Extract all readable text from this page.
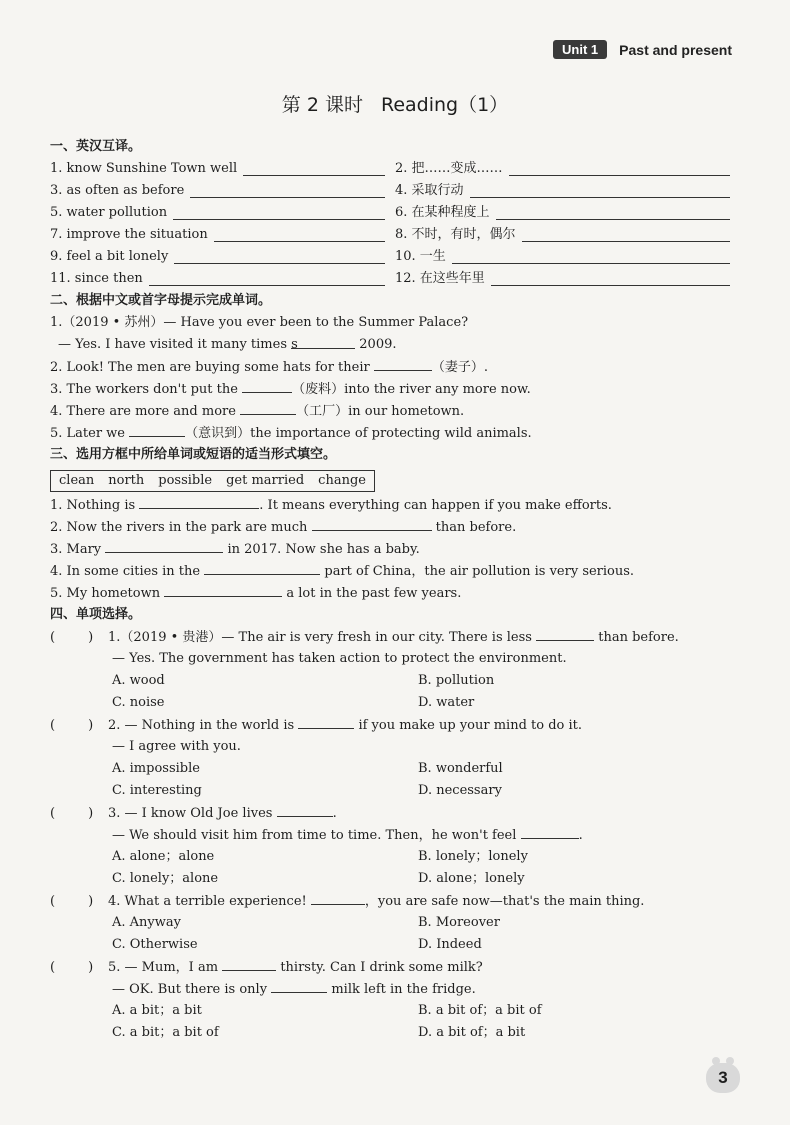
Unit 1	Past and present
第 2 课时 Reading（1）
一、英汉互译。
1. know Sunshine Town well	2. 把……变成……
3. as often as before	4. 采取行动
5. water pollution	6. 在某种程度上
7. improve the situation	8. 不时，有时，偶尔
9. feel a bit lonely	10. 一生
11. since then	12. 在这些年里
二、根据中文或首字母提示完成单词。
1.（2019 • 苏州）— Have you ever been to the Summer Palace?
— Yes. I have visited it many times s	2009.
2. Look! The men are buying some hats for their	（妻子）.
3. The workers don't put the	（废料）into the river any more now.
4. There are more and more	（工厂）in our hometown.
5. Later we	（意识到）the importance of protecting wild animals.
三、选用方框中所给单词或短语的适当形式填空。
clean north possible get married change
1. Nothing is	. It means everything can happen if you make efforts.
2. Now the rivers in the park are much	than before.
3. Mary	in 2017. Now she has a baby.
4. In some cities in the	part of China，the air pollution is very serious.
5. My hometown	a lot in the past few years.
四、单项选择。
(        ) 1.（2019 • 贵港）— The air is very fresh in our city. There is less	than before.
— Yes. The government has taken action to protect the environment.
A. wood	B. pollution
C. noise	D. water
(        ) 2. — Nothing in the world is	if you make up your mind to do it.
— I agree with you.
A. impossible	B. wonderful
C. interesting	D. necessary
(        ) 3. — I know Old Joe lives	.
— We should visit him from time to time. Then，he won't feel	.
A. alone；alone	B. lonely；lonely
C. lonely；alone	D. alone；lonely
(        ) 4. What a terrible experience!	，you are safe now—that's the main thing.
A. Anyway	B. Moreover
C. Otherwise	D. Indeed
(        ) 5. — Mum，I am	thirsty. Can I drink some milk?
— OK. But there is only	milk left in the fridge.
A. a bit；a bit	B. a bit of；a bit of
C. a bit；a bit of	D. a bit of；a bit
3
